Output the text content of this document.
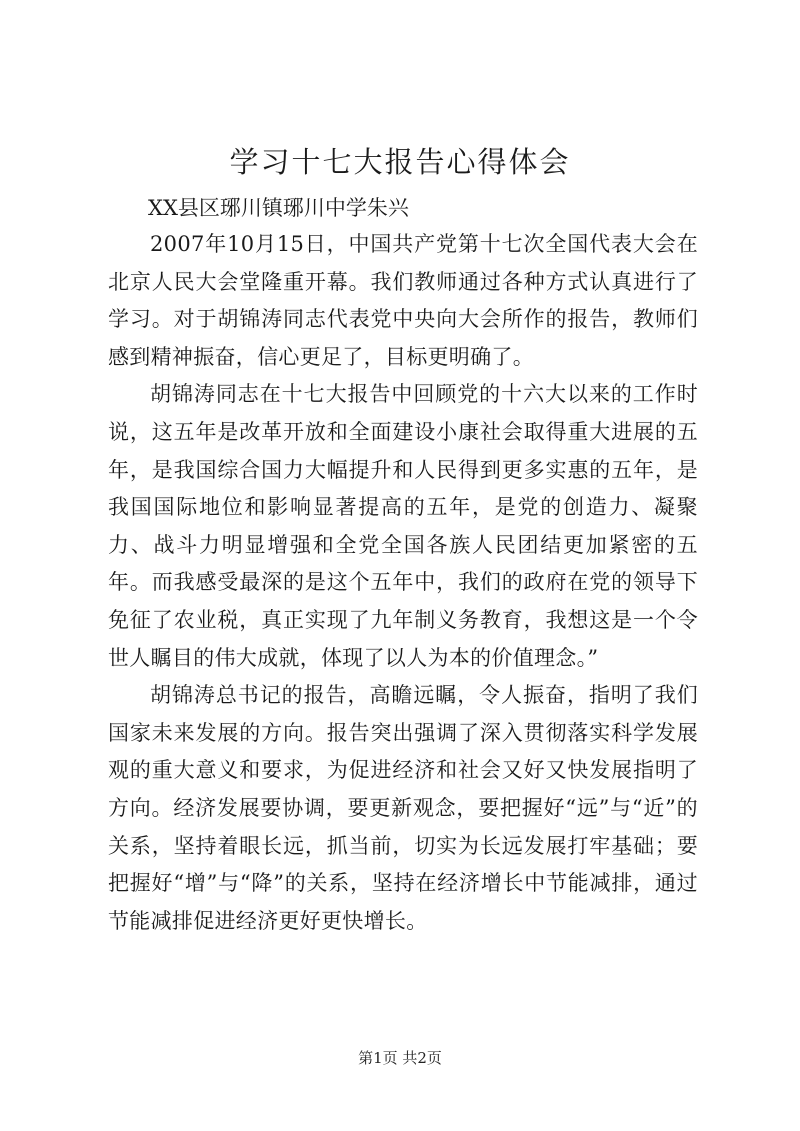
学习十七大报告心得体会
XX县区琊川镇琊川中学朱兴

2007年10月15日，中国共产党第十七次全国代表大会在北京人民大会堂隆重开幕。我们教师通过各种方式认真进行了学习。对于胡锦涛同志代表党中央向大会所作的报告，教师们感到精神振奋，信心更足了，目标更明确了。

胡锦涛同志在十七大报告中回顾党的十六大以来的工作时说，这五年是改革开放和全面建设小康社会取得重大进展的五年，是我国综合国力大幅提升和人民得到更多实惠的五年，是我国国际地位和影响显著提高的五年，是党的创造力、凝聚力、战斗力明显增强和全党全国各族人民团结更加紧密的五年。而我感受最深的是这个五年中，我们的政府在党的领导下免征了农业税，真正实现了九年制义务教育，我想这是一个令世人瞩目的伟大成就，体现了以人为本的价值理念。”

胡锦涛总书记的报告，高瞻远瞩，令人振奋，指明了我们国家未来发展的方向。报告突出强调了深入贯彻落实科学发展观的重大意义和要求，为促进经济和社会又好又快发展指明了方向。经济发展要协调，要更新观念，要把握好“远”与“近”的关系，坚持着眼长远，抓当前，切实为长远发展打牢基础；要把握好“增”与“降”的关系，坚持在经济增长中节能减排，通过节能减排促进经济更好更快增长。

第1页 共2页
